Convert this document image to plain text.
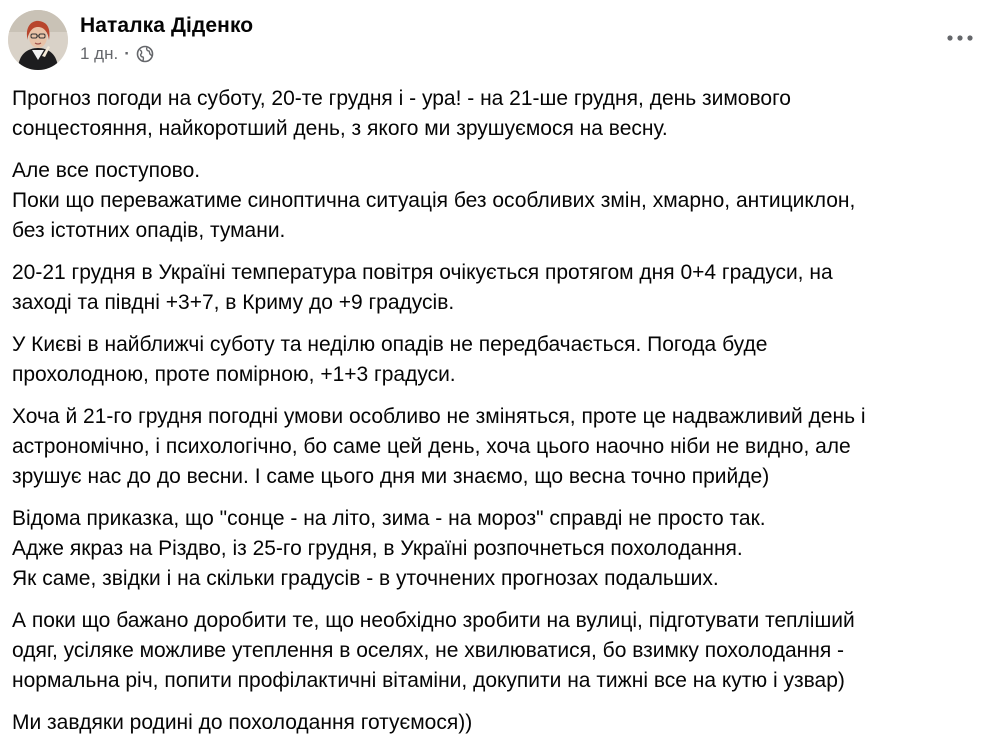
Наталка Діденко
1 дн. ·

Прогноз погоди на суботу, 20-те грудня і - ура! - на 21-ше грудня, день зимового
сонцестояння, найкоротший день, з якого ми зрушуємося на весну.

Але все поступово.
Поки що переважатиме синоптична ситуація без особливих змін, хмарно, антициклон,
без істотних опадів, тумани.

20-21 грудня в Україні температура повітря очікується протягом дня 0+4 градуси, на
заході та півдні +3+7, в Криму до +9 градусів.

У Києві в найближчі суботу та неділю опадів не передбачається. Погода буде
прохолодною, проте помірною, +1+3 градуси.

Хоча й 21-го грудня погодні умови особливо не зміняться, проте це надважливий день і
астрономічно, і психологічно, бо саме цей день, хоча цього наочно ніби не видно, але
зрушує нас до до весни. І саме цього дня ми знаємо, що весна точно прийде)

Відома приказка, що "сонце - на літо, зима - на мороз" справді не просто так.
Адже якраз на Різдво, із 25-го грудня, в Україні розпочнеться похолодання.
Як саме, звідки і на скільки градусів - в уточнених прогнозах подальших.

А поки що бажано доробити те, що необхідно зробити на вулиці, підготувати тепліший
одяг, усіляке можливе утеплення в оселях, не хвилюватися, бо взимку похолодання -
нормальна річ, попити профілактичні вітаміни, докупити на тижні все на кутю і узвар)

Ми завдяки родині до похолодання готуємося))
